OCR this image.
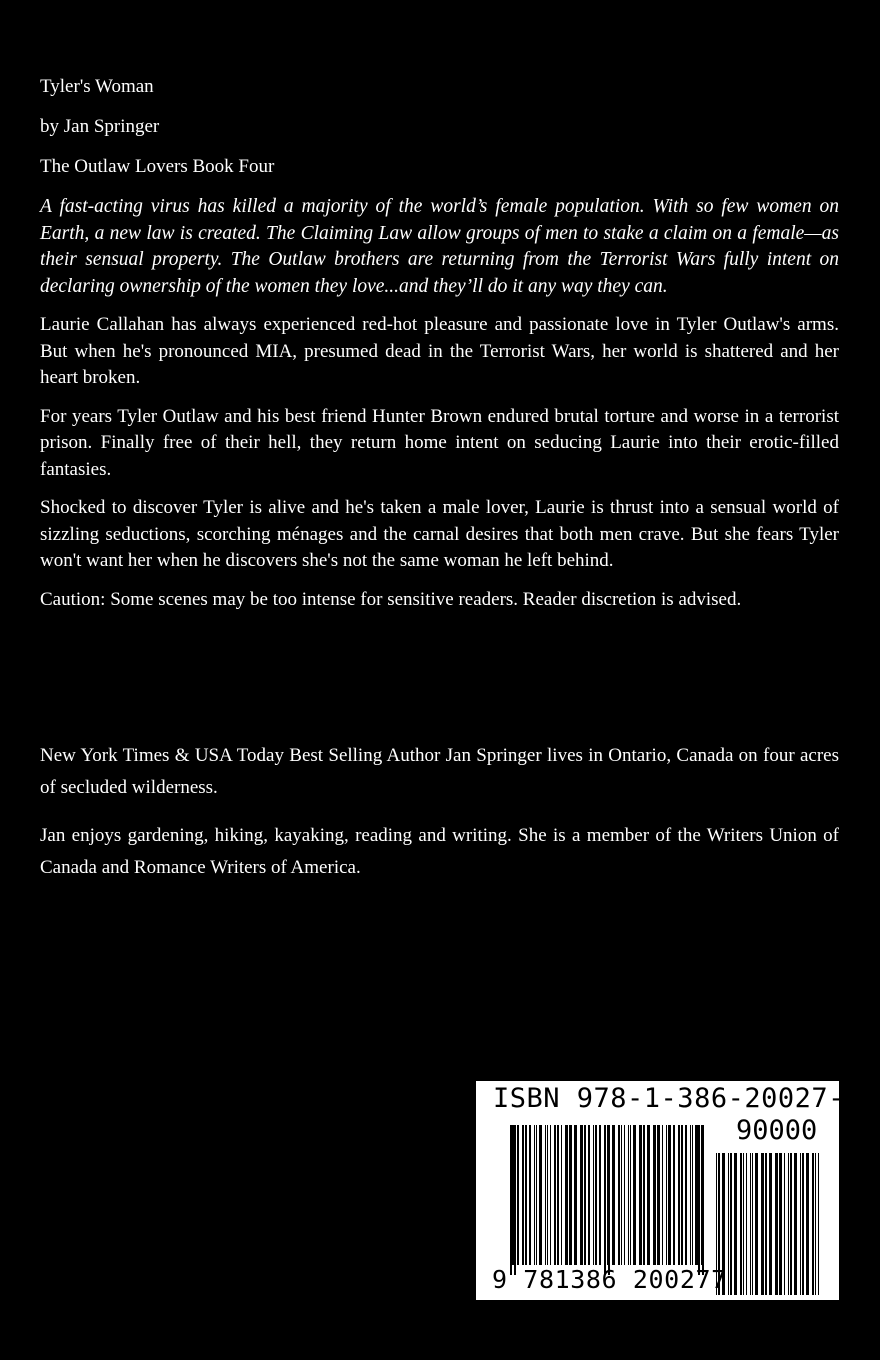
Tyler's Woman

by Jan Springer

The Outlaw Lovers Book Four

A fast-acting virus has killed a majority of the world’s female population. With so few women on Earth, a new law is created. The Claiming Law allow groups of men to stake a claim on a female—as their sensual property. The Outlaw brothers are returning from the Terrorist Wars fully intent on declaring ownership of the women they love...and they’ll do it any way they can.

Laurie Callahan has always experienced red-hot pleasure and passionate love in Tyler Outlaw's arms. But when he's pronounced MIA, presumed dead in the Terrorist Wars, her world is shattered and her heart broken.

For years Tyler Outlaw and his best friend Hunter Brown endured brutal torture and worse in a terrorist prison. Finally free of their hell, they return home intent on seducing Laurie into their erotic-filled fantasies.

Shocked to discover Tyler is alive and he's taken a male lover, Laurie is thrust into a sensual world of sizzling seductions, scorching ménages and the carnal desires that both men crave. But she fears Tyler won't want her when he discovers she's not the same woman he left behind.

Caution: Some scenes may be too intense for sensitive readers. Reader discretion is advised.

New York Times & USA Today Best Selling Author Jan Springer lives in Ontario, Canada on four acres of secluded wilderness.

Jan enjoys gardening, hiking, kayaking, reading and writing. She is a member of the Writers Union of Canada and Romance Writers of America.

ISBN 978-1-386-20027-7
90000
9 781386 200277
